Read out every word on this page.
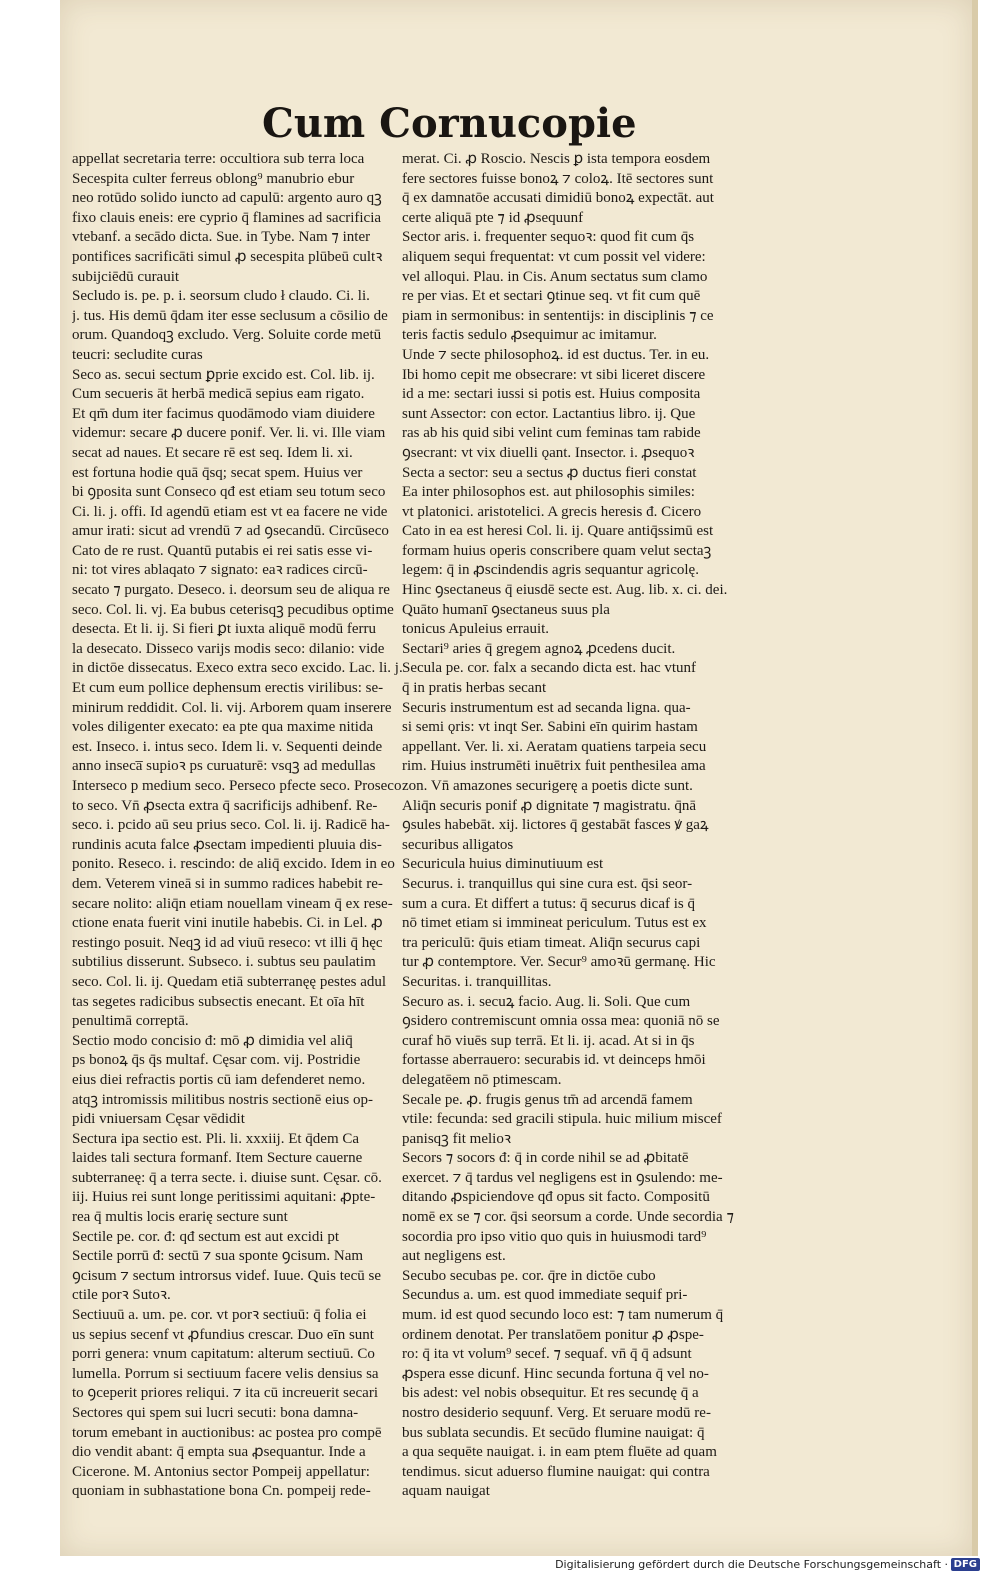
Cum Cornucopie
appellat secretaria terre: occultiora sub terra loca
Secespita culter ferreus oblong⁹ manubrio ebur
neo rotūdo solido iuncto ad capulū: argento auro qꝫ
fixo clauis eneis: ere cyprio q̄ flamines ad sacrificia
vtebanf. a secādo dicta. Sue. in Tybe. Nam ⁊ inter
pontifices sacrificāti simul ꝓ secespita plūbeū cultꝛ
subijciēdū curauit
Secludo is. pe. p. i. seorsum cludo ł claudo. Ci. li.
j. tus. His demū q̄dam iter esse seclusum a cōsilio de
orum. Quandoqꝫ excludo. Verg. Soluite corde metū
teucri: secludite curas
Seco as. secui sectum ꝑprie excido est. Col. lib. ij.
Cum secueris āt herbā medicā sepius eam rigato.
Et qm̄ dum iter facimus quodāmodo viam diuidere
videmur: secare ꝓ ducere ponif. Ver. li. vi. Ille viam
secat ad naues. Et secare rē est seq. Idem li. xi.
est fortuna hodie quā q̄sq; secat spem. Huius ver
bi ꝯposita sunt Conseco qđ est etiam seu totum seco
Ci. li. j. offi. Id agendū etiam est vt ea facere ne vide
amur irati: sicut ad vrendū ⁊ ad ꝯsecandū. Circūseco
Cato de re rust. Quantū putabis ei rei satis esse vi-
ni: tot vires ablaqato ⁊ signato: eaꝛ radices circū-
secato ⁊ purgato. Deseco. i. deorsum seu de aliqua re
seco. Col. li. vj. Ea bubus ceterisqꝫ pecudibus optime
desecta. Et li. ij. Si fieri ꝑt iuxta aliquē modū ferru
la desecato. Disseco varijs modis seco: dilanio: vide
in dictōe dissecatus. Execo extra seco excido. Lac. li. j.
Et cum eum pollice dephensum erectis virilibus: se-
minirum reddidit. Col. li. vij. Arborem quam inserere
voles diligenter execato: ea pte qua maxime nitida
est. Inseco. i. intus seco. Idem li. v. Sequenti deinde
anno inseca̅ supioꝛ ps curuaturē: vsqꝫ ad medullas
Interseco p medium seco. Perseco pfecte seco. Proseco
to seco. Vn̄ ꝓsecta extra q̄ sacrificijs adhibenf. Re-
seco. i. pcido aū seu prius seco. Col. li. ij. Radicē ha-
rundinis acuta falce ꝓsectam impedienti pluuia dis-
ponito. Reseco. i. rescindo: de aliq̄ excido. Idem in eo
dem. Veterem vineā si in summo radices habebit re-
secare nolito: aliq̄n etiam nouellam vineam q̄ ex rese-
ctione enata fuerit vini inutile habebis. Ci. in Lel. ꝓ
restingo posuit. Neqꝫ id ad viuū reseco: vt illi q̄ hęc
subtilius disserunt. Subseco. i. subtus seu paulatim
seco. Col. li. ij. Quedam etiā subterranęę pestes adul
tas segetes radicibus subsectis enecant. Et oīa hīt
penultimā correptā.
Sectio modo concisio đ: mō ꝓ dimidia vel aliq̄
ps bonoꝝ q̄s q̄s multaf. Cęsar com. vij. Postridie
eius diei refractis portis cū iam defenderet nemo.
atqꝫ intromissis militibus nostris sectionē eius op-
pidi vniuersam Cęsar vēdidit
Sectura ipa sectio est. Pli. li. xxxiij. Et q̄dem Ca
laides tali sectura formanf. Item Secture cauerne
subterraneę: q̄ a terra secte. i. diuise sunt. Cęsar. cō.
iij. Huius rei sunt longe peritissimi aquitani: ꝓpte-
rea q̄ multis locis erarię secture sunt
Sectile pe. cor. đ: qđ sectum est aut excidi pt
Sectile porrū đ: sectū ⁊ sua sponte ꝯcisum. Nam
ꝯcisum ⁊ sectum introrsus videf. Iuue. Quis tecū se
ctile porꝛ Sutoꝛ.
Sectiuuū a. um. pe. cor. vt porꝛ sectiuū: q̄ folia ei
us sepius secenf vt ꝓfundius crescar. Duo eīn sunt
porri genera: vnum capitatum: alterum sectiuū. Co
lumella. Porrum si sectiuum facere velis densius sa
to ꝯceperit priores reliqui. ⁊ ita cū increuerit secari
Sectores qui spem sui lucri secuti: bona damna-
torum emebant in auctionibus: ac postea pro compē
dio vendit abant: q̄ empta sua ꝓsequantur. Inde a
Cicerone. M. Antonius sector Pompeij appellatur:
quoniam in subhastatione bona Cn. pompeij rede-
merat. Ci. ꝓ Roscio. Nescis ꝑ ista tempora eosdem
fere sectores fuisse bonoꝝ ⁊ coloꝝ. Itē sectores sunt
q̄ ex damnatōe accusati dimidiū bonoꝝ expectāt. aut
certe aliquā pte ⁊ id ꝓsequunf
Sector aris. i. frequenter sequoꝛ: quod fit cum q̄s
aliquem sequi frequentat: vt cum possit vel videre:
vel alloqui. Plau. in Cis. Anum sectatus sum clamo
re per vias. Et et sectari ꝯtinue seq. vt fit cum quē
piam in sermonibus: in sententijs: in disciplinis ⁊ ce
teris factis sedulo ꝓsequimur ac imitamur.
Unde ⁊ secte philosophoꝝ. id est ductus. Ter. in eu.
Ibi homo cepit me obsecrare: vt sibi liceret discere
id a me: sectari iussi si potis est. Huius composita
sunt Assector: con ector. Lactantius libro. ij. Que
ras ab his quid sibi velint cum feminas tam rabide
ꝯsecrant: vt vix diuelli ǫant. Insector. i. ꝓsequoꝛ
Secta a sector: seu a sectus ꝓ ductus fieri constat
Ea inter philosophos est. aut philosophis similes:
vt platonici. aristotelici. A grecis heresis đ. Cicero
Cato in ea est heresi Col. li. ij. Quare antiq̄ssimū est
formam huius operis conscribere quam velut sectaꝫ
legem: q̄ in ꝓscindendis agris sequantur agricolę.
Hinc ꝯsectaneus q̄ eiusdē secte est. Aug. lib. x. ci. dei.
Quāto humanī ꝯsectaneus suus pla
tonicus Apuleius errauit.
Sectari⁹ aries q̄ gregem agnoꝝ ꝓcedens ducit.
Secula pe. cor. falx a secando dicta est. hac vtunf
q̄ in pratis herbas secant
Securis instrumentum est ad secanda ligna. qua-
si semi ǫris: vt inqt Ser. Sabini eīn quirim hastam
appellant. Ver. li. xi. Aeratam quatiens tarpeia secu
rim. Huius instrumēti inuētrix fuit penthesilea ama
zon. Vn̄ amazones securigerę a poetis dicte sunt.
Aliq̄n securis ponif ꝓ dignitate ⁊ magistratu. q̄nā
ꝯsules habebāt. xij. lictores q̄ gestabāt fasces ꝟ gaꝝ
securibus alligatos
Securicula huius diminutiuum est
Securus. i. tranquillus qui sine cura est. q̄si seor-
sum a cura. Et differt a tutus: q̄ securus dicaf is q̄
nō timet etiam si immineat periculum. Tutus est ex
tra periculū: q̄uis etiam timeat. Aliq̄n securus capi
tur ꝓ contemptore. Ver. Secur⁹ amoꝛū germanę. Hic
Securitas. i. tranquillitas.
Securo as. i. secuꝝ facio. Aug. li. Soli. Que cum
ꝯsidero contremiscunt omnia ossa mea: quoniā nō se
curaf hō viuēs sup terrā. Et li. ij. acad. At si in q̄s
fortasse aberrauero: securabis id. vt deinceps hmōi
delegatēem nō ptimescam.
Secale pe. ꝓ. frugis genus tm̄ ad arcendā famem
vtile: fecunda: sed gracili stipula. huic milium miscef
panisqꝫ fit melioꝛ
Secors ⁊ socors đ: q̄ in corde nihil se ad ꝓbitatē
exercet. ⁊ q̄ tardus vel negligens est in ꝯsulendo: me-
ditando ꝓspiciendove qđ opus sit facto. Compositū
nomē ex se ⁊ cor. q̄si seorsum a corde. Unde secordia ⁊
socordia pro ipso vitio quo quis in huiusmodi tard⁹
aut negligens est.
Secubo secubas pe. cor. q̄re in dictōe cubo
Secundus a. um. est quod immediate sequif pri-
mum. id est quod secundo loco est: ⁊ tam numerum q̄
ordinem denotat. Per translatōem ponitur ꝓ ꝓspe-
ro: q̄ ita vt volum⁹ secef. ⁊ sequaf. vn̄ q̄ q̄ adsunt
ꝓspera esse dicunf. Hinc secunda fortuna q̄ vel no-
bis adest: vel nobis obsequitur. Et res secundę q̄ a
nostro desiderio sequunf. Verg. Et seruare modū re-
bus sublata secundis. Et secūdo flumine nauigat: q̄
a qua sequēte nauigat. i. in eam ptem fluēte ad quam
tendimus. sicut aduerso flumine nauigat: qui contra
aquam nauigat
Digitalisierung gefördert durch die Deutsche Forschungsgemeinschaft · DFG
